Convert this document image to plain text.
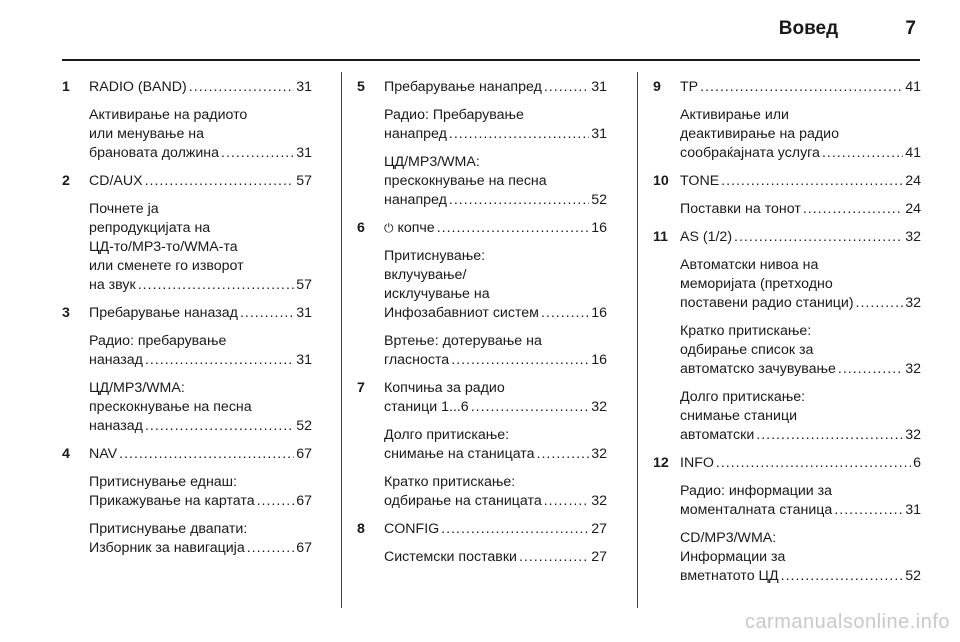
Вовед	7
1	RADIO (BAND) .....	31
Активирање на радиото
или менување на
брановата должина .....	31
2	CD/AUX .....	57
Почнете ја
репродукцијата на
ЦД-то/MP3-то/WMA-та
или сменете го изворот
на звук .....	57
3	Пребарување наназад .....	31
Радио: пребарување
наназад .....	31
ЦД/MP3/WMA:
прескокнување на песна
наназад .....	52
4	NAV .....	67
Притиснување еднаш:
Прикажување на картата .....	67
Притиснување двапати:
Изборник за навигација .....	67
5	Пребарување нанапред .....	31
Радио: Пребарување
нанапред .....	31
ЦД/MP3/WMA:
прескокнување на песна
нанапред .....	52
6	⏻ копче .....	16
Притиснување:
вклучување/
исклучување на
Инфозабавниот систем .....	16
Вртење: дотерување на
гласноста .....	16
7	Копчиња за радио
станици 1...6 .....	32
Долго притискање:
снимање на станицата .....	32
Кратко притискање:
одбирање на станицата .....	32
8	CONFIG .....	27
Системски поставки .....	27
9	TP .....	41
Активирање или
деактивирање на радио
сообраќајната услуга .....	41
10 TONE .....	24
Поставки на тонот .....	24
11 AS (1/2) .....	32
Автоматски нивоа на
меморијата (претходно
поставени радио станици) .....	32
Кратко притискање:
одбирање список за
автоматско зачувување .....	32
Долго притискање:
снимање станици
автоматски .....	32
12 INFO .....	6
Радио: информации за
моменталната станица .....	31
CD/MP3/WMA:
Информации за
вметнатото ЦД .....	52
carmanualsonline.info
